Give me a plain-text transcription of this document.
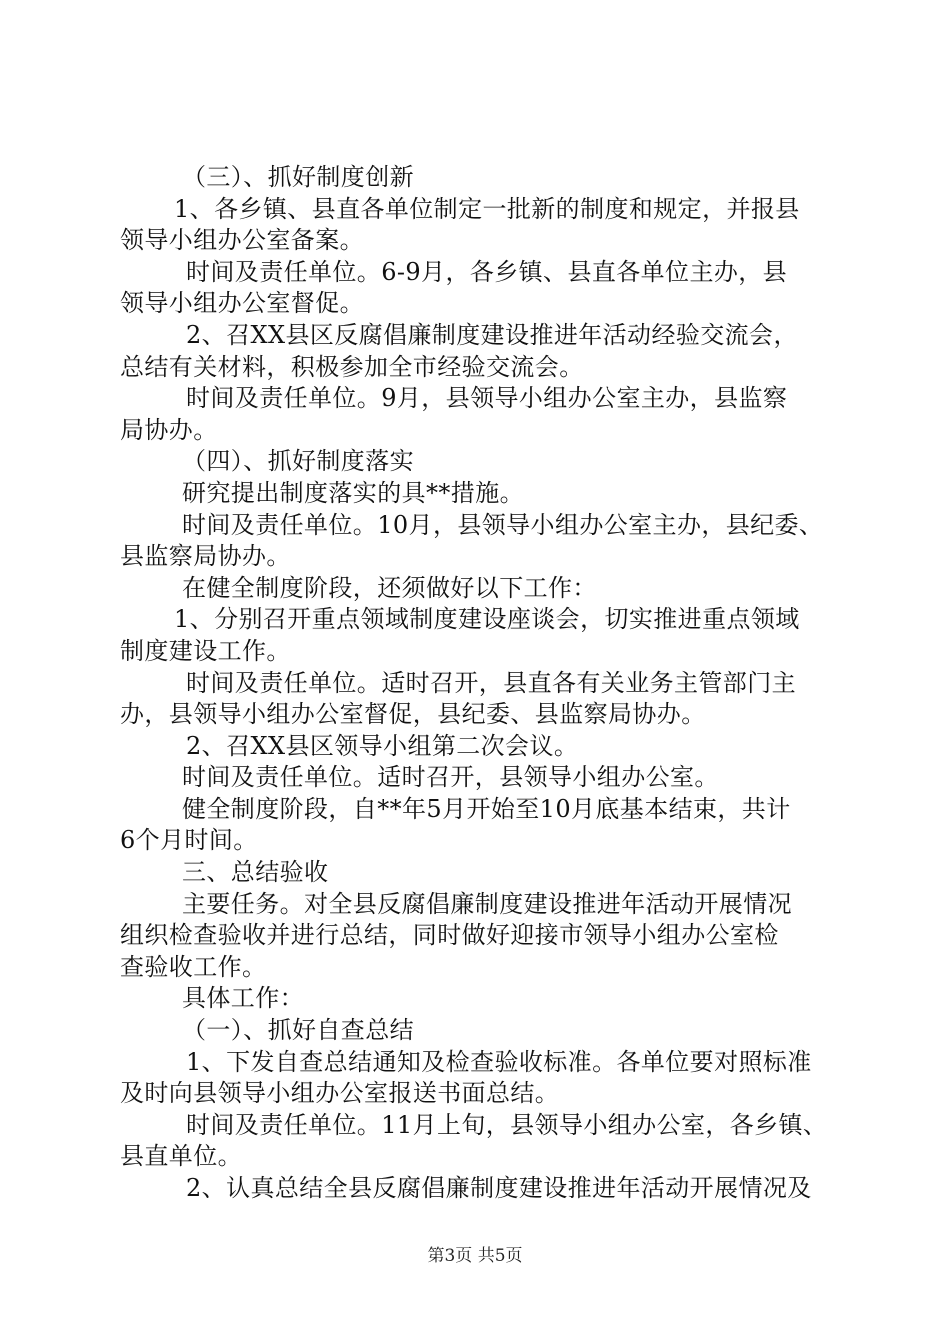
（三）、抓好制度创新
1、各乡镇、县直各单位制定一批新的制度和规定，并报县
领导小组办公室备案。
时间及责任单位。6-9月，各乡镇、县直各单位主办，县
领导小组办公室督促。
2、召XX县区反腐倡廉制度建设推进年活动经验交流会，
总结有关材料，积极参加全市经验交流会。
时间及责任单位。9月，县领导小组办公室主办，县监察
局协办。
（四）、抓好制度落实
研究提出制度落实的具**措施。
时间及责任单位。10月，县领导小组办公室主办，县纪委、
县监察局协办。
在健全制度阶段，还须做好以下工作：
1、分别召开重点领域制度建设座谈会，切实推进重点领域
制度建设工作。
时间及责任单位。适时召开，县直各有关业务主管部门主
办，县领导小组办公室督促，县纪委、县监察局协办。
2、召XX县区领导小组第二次会议。
时间及责任单位。适时召开，县领导小组办公室。
健全制度阶段，自**年5月开始至10月底基本结束，共计
6个月时间。
三、总结验收
主要任务。对全县反腐倡廉制度建设推进年活动开展情况
组织检查验收并进行总结，同时做好迎接市领导小组办公室检
查验收工作。
具体工作：
（一）、抓好自查总结
1、下发自查总结通知及检查验收标准。各单位要对照标准
及时向县领导小组办公室报送书面总结。
时间及责任单位。11月上旬，县领导小组办公室，各乡镇、
县直单位。
2、认真总结全县反腐倡廉制度建设推进年活动开展情况及
第3页 共5页
